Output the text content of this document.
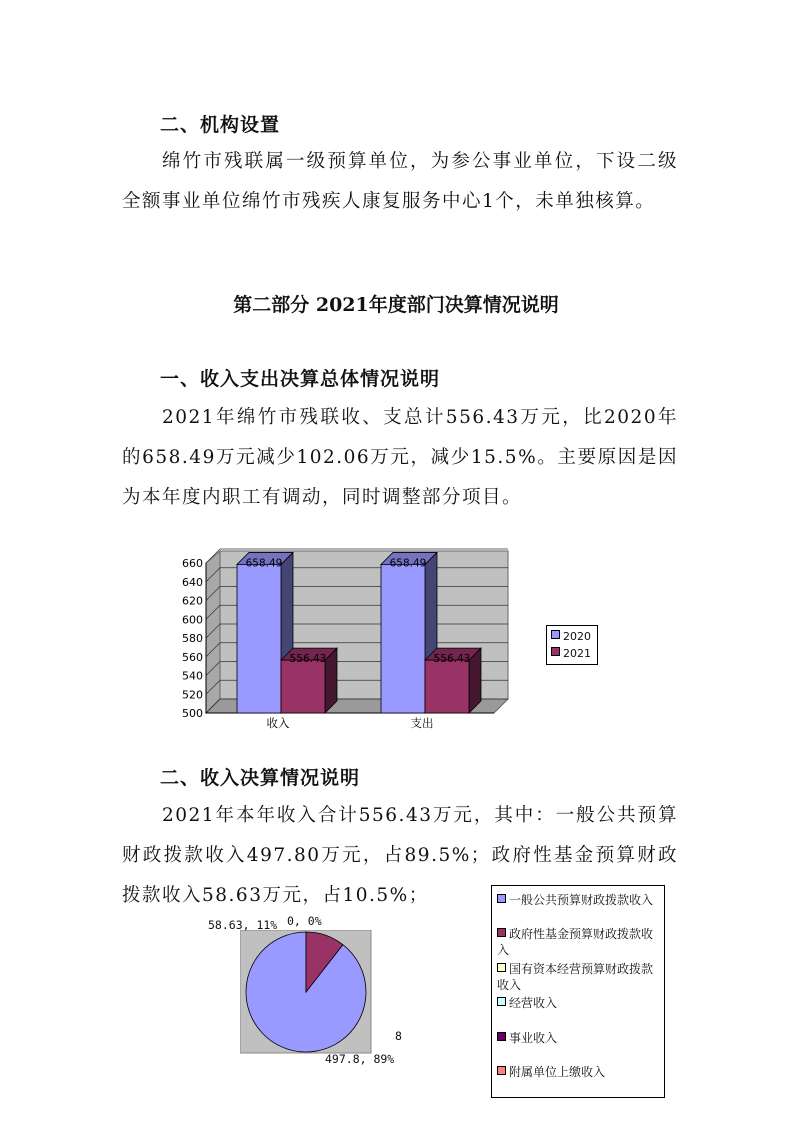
二、机构设置

绵竹市残联属一级预算单位，为参公事业单位，下设二级全额事业单位绵竹市残疾人康复服务中心1个，未单独核算。

第二部分 2021年度部门决算情况说明
一、收入支出决算总体情况说明

2021年绵竹市残联收、支总计556.43万元，比2020年的658.49万元减少102.06万元，减少15.5%。主要原因是因为本年度内职工有调动，同时调整部分项目。

500
520
540
560
580
600
620
640
660	658.49
556.43
收入
658.49
556.43
支出
2020
2021
二、收入决算情况说明

2021年本年收入合计556.43万元，其中：一般公共预算财政拨款收入497.80万元，占89.5%；政府性基金预算财政拨款收入58.63万元，占10.5%；

58.63, 11% 0, 0%
497.8, 89%
8
一般公共预算财政拨款收入
政府性基金预算财政拨款收入
国有资本经营预算财政拨款收入
经营收入
事业收入
附属单位上缴收入
